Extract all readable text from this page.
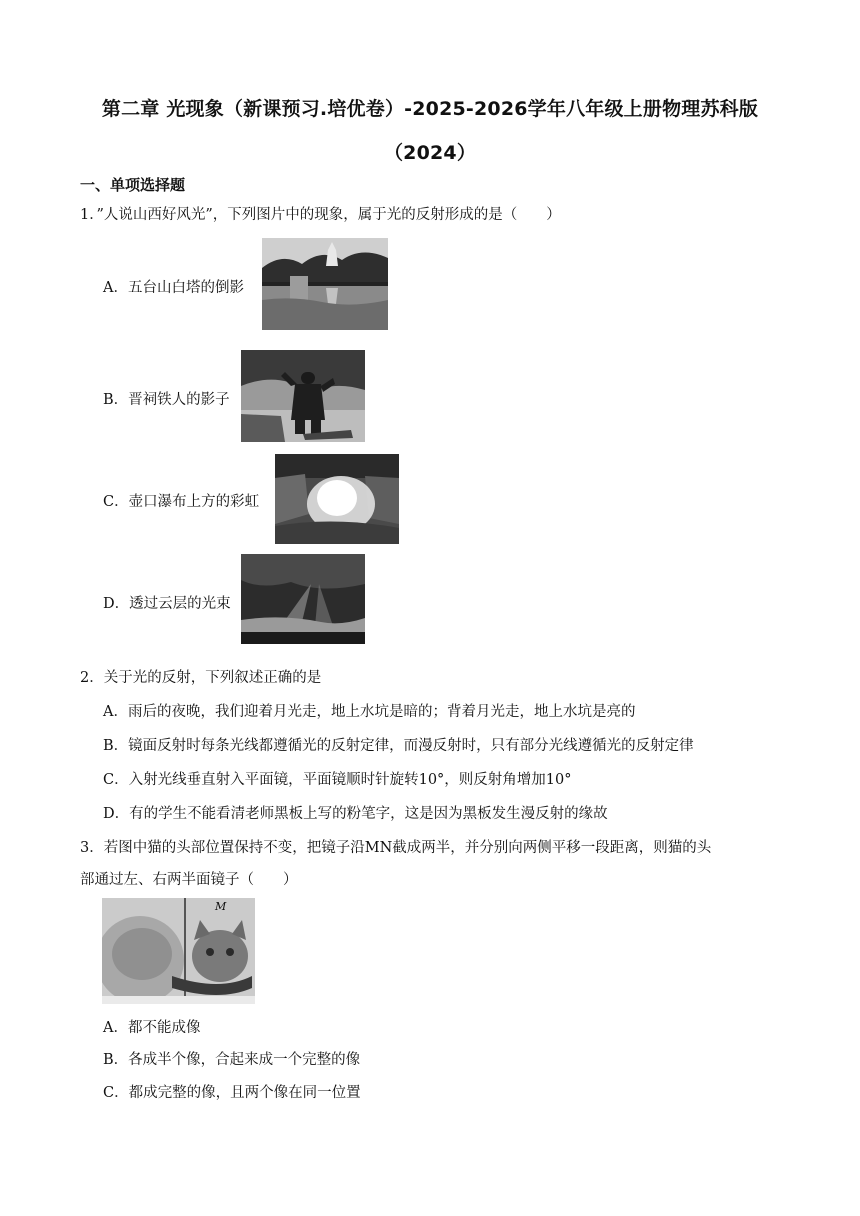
第二章 光现象（新课预习.培优卷）-2025-2026学年八年级上册物理苏科版
（2024）
一、单项选择题
1．”人说山西好风光”，下列图片中的现象，属于光的反射形成的是（　　）
A．五台山白塔的倒影
B．晋祠铁人的影子
C．壶口瀑布上方的彩虹
D．透过云层的光束
2．关于光的反射，下列叙述正确的是
A．雨后的夜晚，我们迎着月光走，地上水坑是暗的；背着月光走，地上水坑是亮的
B．镜面反射时每条光线都遵循光的反射定律，而漫反射时，只有部分光线遵循光的反射定律
C．入射光线垂直射入平面镜，平面镜顺时针旋转10°，则反射角增加10°
D．有的学生不能看清老师黑板上写的粉笔字，这是因为黑板发生漫反射的缘故
3．若图中猫的头部位置保持不变，把镜子沿MN截成两半，并分别向两侧平移一段距离，则猫的头
部通过左、右两半面镜子（　　）
M
A．都不能成像
B．各成半个像，合起来成一个完整的像
C．都成完整的像，且两个像在同一位置
